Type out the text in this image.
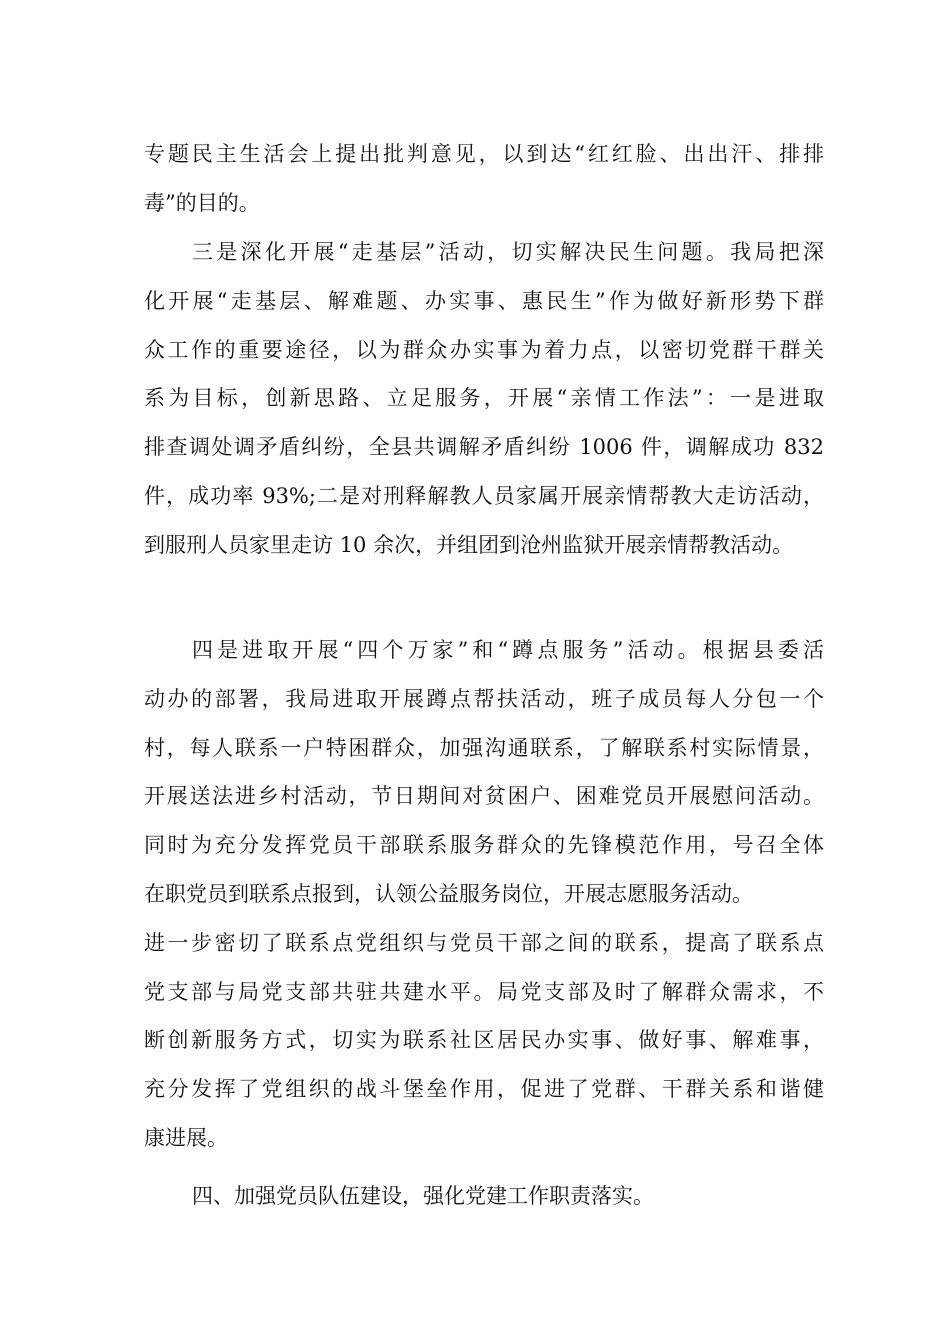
专题民主生活会上提出批判意见，以到达“红红脸、出出汗、排排
毒”的目的。
三是深化开展“走基层”活动，切实解决民生问题。我局把深
化开展“走基层、解难题、办实事、惠民生”作为做好新形势下群
众工作的重要途径，以为群众办实事为着力点，以密切党群干群关
系为目标，创新思路、立足服务，开展“亲情工作法”：一是进取
排查调处调矛盾纠纷，全县共调解矛盾纠纷 1006 件，调解成功 832
件，成功率 93%;二是对刑释解教人员家属开展亲情帮教大走访活动，
到服刑人员家里走访 10 余次，并组团到沧州监狱开展亲情帮教活动。
四是进取开展“四个万家”和“蹲点服务”活动。根据县委活
动办的部署，我局进取开展蹲点帮扶活动，班子成员每人分包一个
村，每人联系一户特困群众，加强沟通联系，了解联系村实际情景，
开展送法进乡村活动，节日期间对贫困户、困难党员开展慰问活动。
同时为充分发挥党员干部联系服务群众的先锋模范作用，号召全体
在职党员到联系点报到，认领公益服务岗位，开展志愿服务活动。
进一步密切了联系点党组织与党员干部之间的联系，提高了联系点
党支部与局党支部共驻共建水平。局党支部及时了解群众需求，不
断创新服务方式，切实为联系社区居民办实事、做好事、解难事，
充分发挥了党组织的战斗堡垒作用，促进了党群、干群关系和谐健
康进展。
四、加强党员队伍建设，强化党建工作职责落实。
